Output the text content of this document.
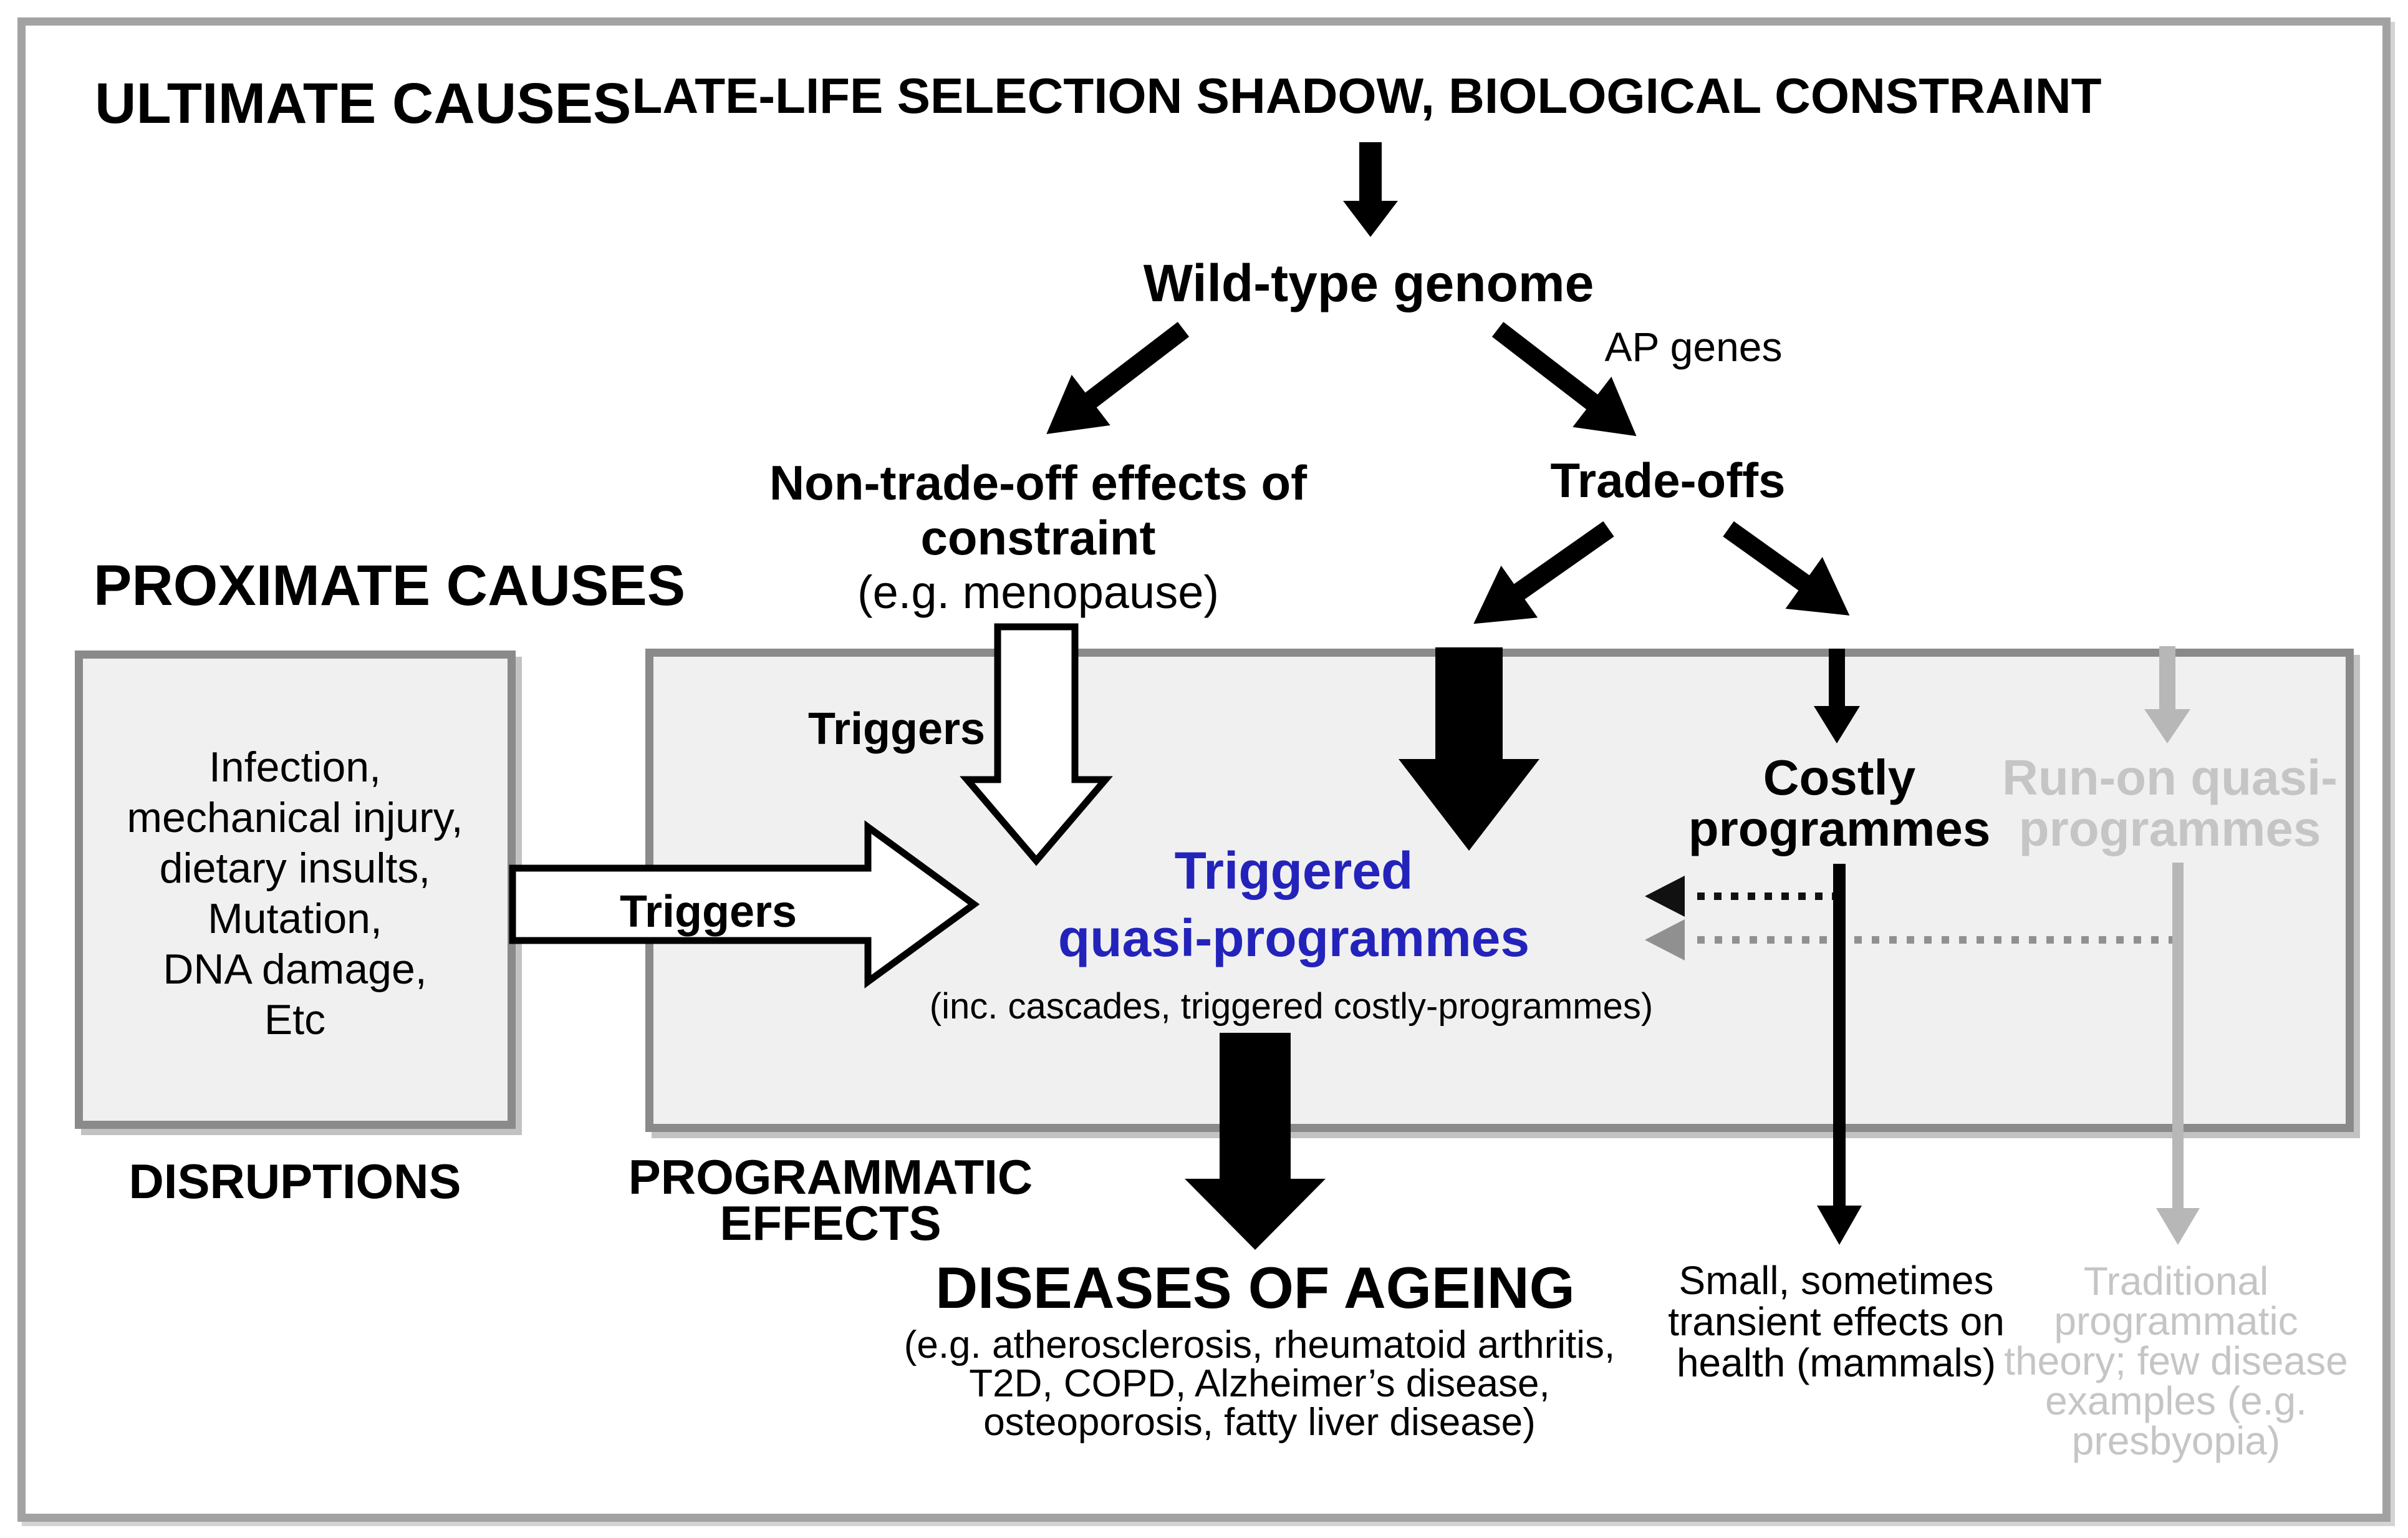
ULTIMATE CAUSES LATE-LIFE SELECTION SHADOW, BIOLOGICAL CONSTRAINT
Wild-type genome
AP genes
Non-trade-off effects of
constraint
(e.g. menopause)
Trade-offs
PROXIMATE CAUSES
Infection,
mechanical injury,
dietary insults,
Mutation,
DNA damage,
Etc
DISRUPTIONS
Triggers
Triggers
Triggered
quasi-programmes
(inc. cascades, triggered costly-programmes)
Costly
programmes
Run-on quasi-
programmes
PROGRAMMATIC
EFFECTS
DISEASES OF AGEING
(e.g. atherosclerosis, rheumatoid arthritis,
T2D, COPD, Alzheimer’s disease,
osteoporosis, fatty liver disease)
Small, sometimes
transient effects on
health (mammals)
Traditional
programmatic
theory; few disease
examples (e.g.
presbyopia)
